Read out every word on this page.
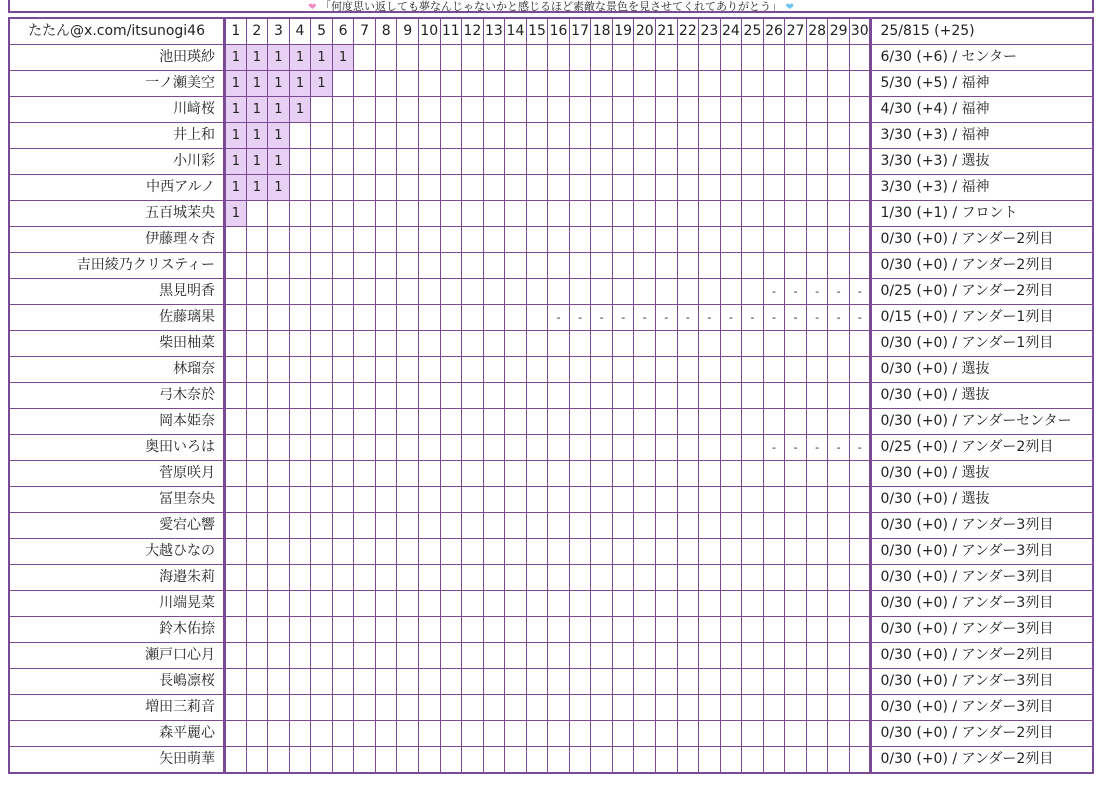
❤ 「何度思い返しても夢なんじゃないかと感じるほど素敵な景色を見させてくれてありがとう」 ❤
たたん@x.com/itsunogi46	1	2	3	4	5	6	7	8	9	10	11	12	13	14	15	16	17	18	19	20	21	22	23	24	25	26	27	28	29	30	25/815 (+25)
池田瑛紗	1	1	1	1	1	1																									6/30 (+6) / センター
一ノ瀬美空	1	1	1	1	1																										5/30 (+5) / 福神
川﨑桜	1	1	1	1																											4/30 (+4) / 福神
井上和	1	1	1																												3/30 (+3) / 福神
小川彩	1	1	1																												3/30 (+3) / 選抜
中西アルノ	1	1	1																												3/30 (+3) / 福神
五百城茉央	1																														1/30 (+1) / フロント
伊藤理々杏																															0/30 (+0) / アンダー2列目
吉田綾乃クリスティー																															0/30 (+0) / アンダー2列目
黒見明香																										-	-	-	-	-	0/25 (+0) / アンダー2列目
佐藤璃果																-	-	-	-	-	-	-	-	-	-	-	-	-	-	-	0/15 (+0) / アンダー1列目
柴田柚菜																															0/30 (+0) / アンダー1列目
林瑠奈																															0/30 (+0) / 選抜
弓木奈於																															0/30 (+0) / 選抜
岡本姫奈																															0/30 (+0) / アンダーセンター
奥田いろは																										-	-	-	-	-	0/25 (+0) / アンダー2列目
菅原咲月																															0/30 (+0) / 選抜
冨里奈央																															0/30 (+0) / 選抜
愛宕心響																															0/30 (+0) / アンダー3列目
大越ひなの																															0/30 (+0) / アンダー3列目
海邉朱莉																															0/30 (+0) / アンダー3列目
川端晃菜																															0/30 (+0) / アンダー3列目
鈴木佑捺																															0/30 (+0) / アンダー3列目
瀬戸口心月																															0/30 (+0) / アンダー2列目
長嶋凛桜																															0/30 (+0) / アンダー3列目
増田三莉音																															0/30 (+0) / アンダー3列目
森平麗心																															0/30 (+0) / アンダー2列目
矢田萌華																															0/30 (+0) / アンダー2列目
